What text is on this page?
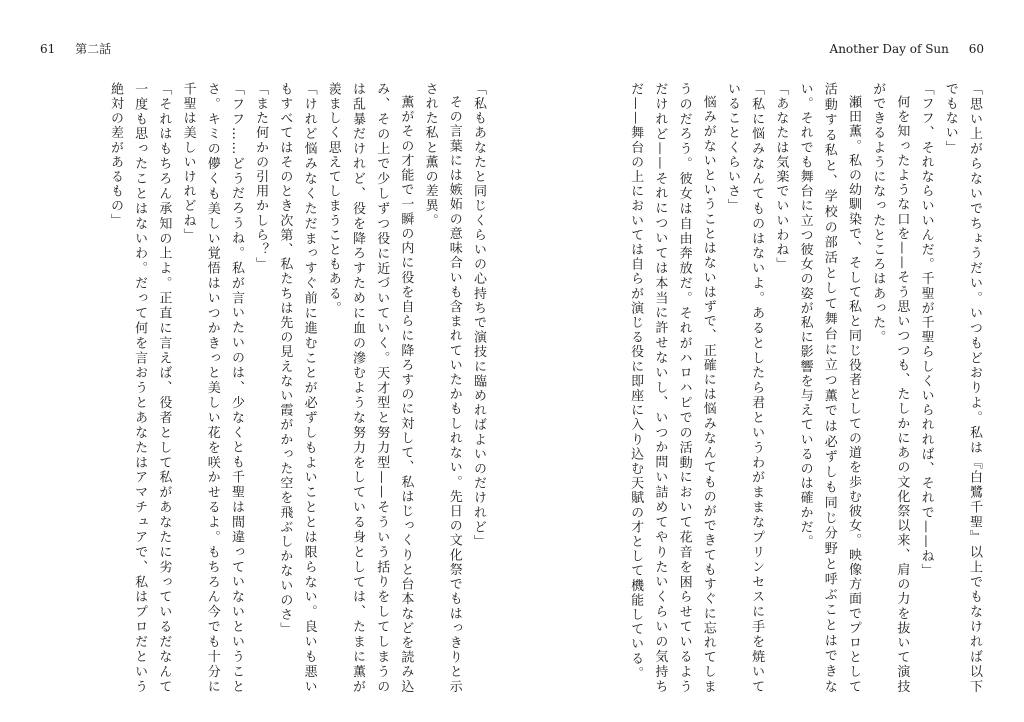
61 第二話	Another Day of Sun 60

「思い上がらないでちょうだい。いつもどおりよ。私は『白鷺千聖』以上でもなければ以下でもない」

「フフ、それならいいんだ。千聖が千聖らしくいられれば、それで——ね」

何を知ったような口を——そう思いつつも、たしかにあの文化祭以来、肩の力を抜いて演技ができるようになったところはあった。

瀬田薫。私の幼馴染で、そして私と同じ役者としての道を歩む彼女。映像方面でプロとして活動する私と、学校の部活として舞台に立つ薫では必ずしも同じ分野と呼ぶことはできない。それでも舞台に立つ彼女の姿が私に影響を与えているのは確かだ。

「あなたは気楽でいいわね」

「私に悩みなんてものはないよ。あるとしたら君というわがままなプリンセスに手を焼いていることくらいさ」

悩みがないということはないはずで、正確には悩みなんてものができてもすぐに忘れてしまうのだろう。彼女は自由奔放だ。それがハロハピでの活動において花音を困らせているようだけれど——それについては本当に許せないし、いつか問い詰めてやりたいくらいの気持ちだ——舞台の上においては自らが演じる役に即座に入り込む天賦の才として機能している。

「私もあなたと同じくらいの心持ちで演技に臨めればよいのだけれど」

その言葉には嫉妬の意味合いも含まれていたかもしれない。先日の文化祭でもはっきりと示された私と薫の差異。

薫がその才能で一瞬の内に役を自らに降ろすのに対して、私はじっくりと台本などを読み込み、その上で少しずつ役に近づいていく。天才型と努力型——そういう括りをしてしまうのは乱暴だけれど、役を降ろすために血の滲むような努力をしている身としては、たまに薫が羨ましく思えてしまうこともある。

「けれど悩みなくただまっすぐ前に進むことが必ずしもよいこととは限らない。良いも悪いもすべてはそのとき次第、私たちは先の見えない霞がかった空を飛ぶしかないのさ」

「また何かの引用かしら？」

「フフ……どうだろうね。私が言いたいのは、少なくとも千聖は間違っていないということさ。キミの儚くも美しい覚悟はいつかきっと美しい花を咲かせるよ。もちろん今でも十分に千聖は美しいけれどね」

「それはもちろん承知の上よ。正直に言えば、役者として私があなたに劣っているだなんて一度も思ったことはないわ。だって何を言おうとあなたはアマチュアで、私はプロだという絶対の差があるもの」
